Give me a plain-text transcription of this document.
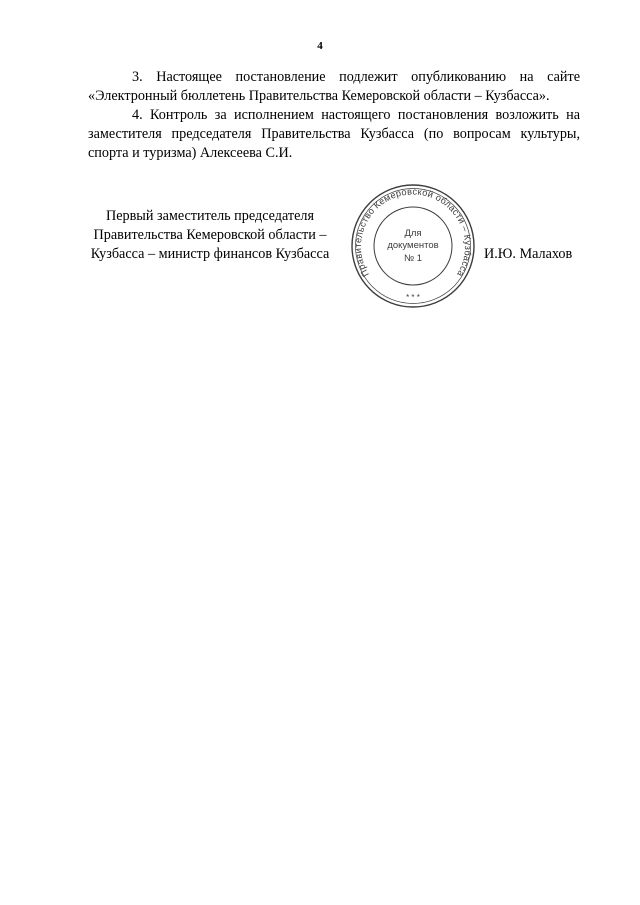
4

3. Настоящее постановление подлежит опубликованию на сайте «Электронный бюллетень Правительства Кемеровской области – Кузбасса».

4. Контроль за исполнением настоящего постановления возложить на заместителя председателя Правительства Кузбасса (по вопросам культуры, спорта и туризма) Алексеева С.И.

Первый заместитель председателя
Правительства Кемеровской области –
Кузбасса – министр финансов Кузбасса
Правительство Кемеровской области – Кузбасса
Для
документов
№ 1
* * *
И.Ю. Малахов
